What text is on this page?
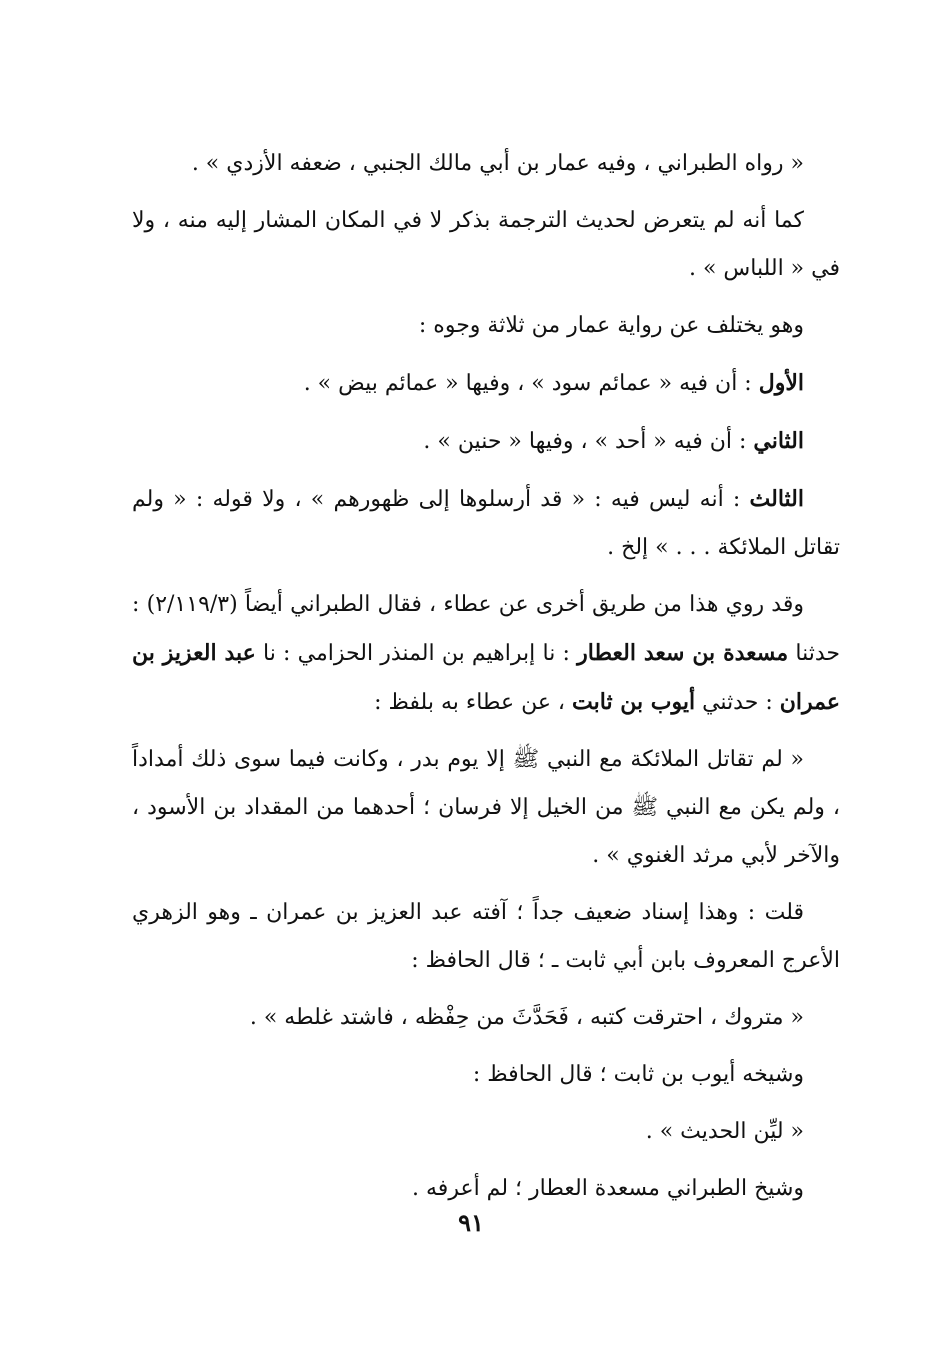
« رواه الطبراني ، وفيه عمار بن أبي مالك الجنبي ، ضعفه الأزدي » .

كما أنه لم يتعرض لحديث الترجمة بذكر لا في المكان المشار إليه منه ، ولا في « اللباس » .

وهو يختلف عن رواية عمار من ثلاثة وجوه :

الأول : أن فيه « عمائم سود » ، وفيها « عمائم بيض » .

الثاني : أن فيه « أحد » ، وفيها « حنين » .

الثالث : أنه ليس فيه : « قد أرسلوها إلى ظهورهم » ، ولا قوله : « ولم تقاتل الملائكة . . . » إلخ .

وقد روي هذا من طريق أخرى عن عطاء ، فقال الطبراني أيضاً (٢/١١٩/٣) : حدثنا مسعدة بن سعد العطار : نا إبراهيم بن المنذر الحزامي : نا عبد العزيز بن عمران : حدثني أيوب بن ثابت ، عن عطاء به بلفظ :

« لم تقاتل الملائكة مع النبي ﷺ إلا يوم بدر ، وكانت فيما سوى ذلك أمداداً ، ولم يكن مع النبي ﷺ من الخيل إلا فرسان ؛ أحدهما من المقداد بن الأسود ، والآخر لأبي مرثد الغنوي » .

قلت : وهذا إسناد ضعيف جداً ؛ آفته عبد العزيز بن عمران ـ وهو الزهري الأعرج المعروف بابن أبي ثابت ـ ؛ قال الحافظ :

« متروك ، احترقت كتبه ، فَحَدَّثَ من حِفْظه ، فاشتد غلطه » .

وشيخه أيوب بن ثابت ؛ قال الحافظ :

« ليِّن الحديث » .

وشيخ الطبراني مسعدة العطار ؛ لم أعرفه .

٩١
